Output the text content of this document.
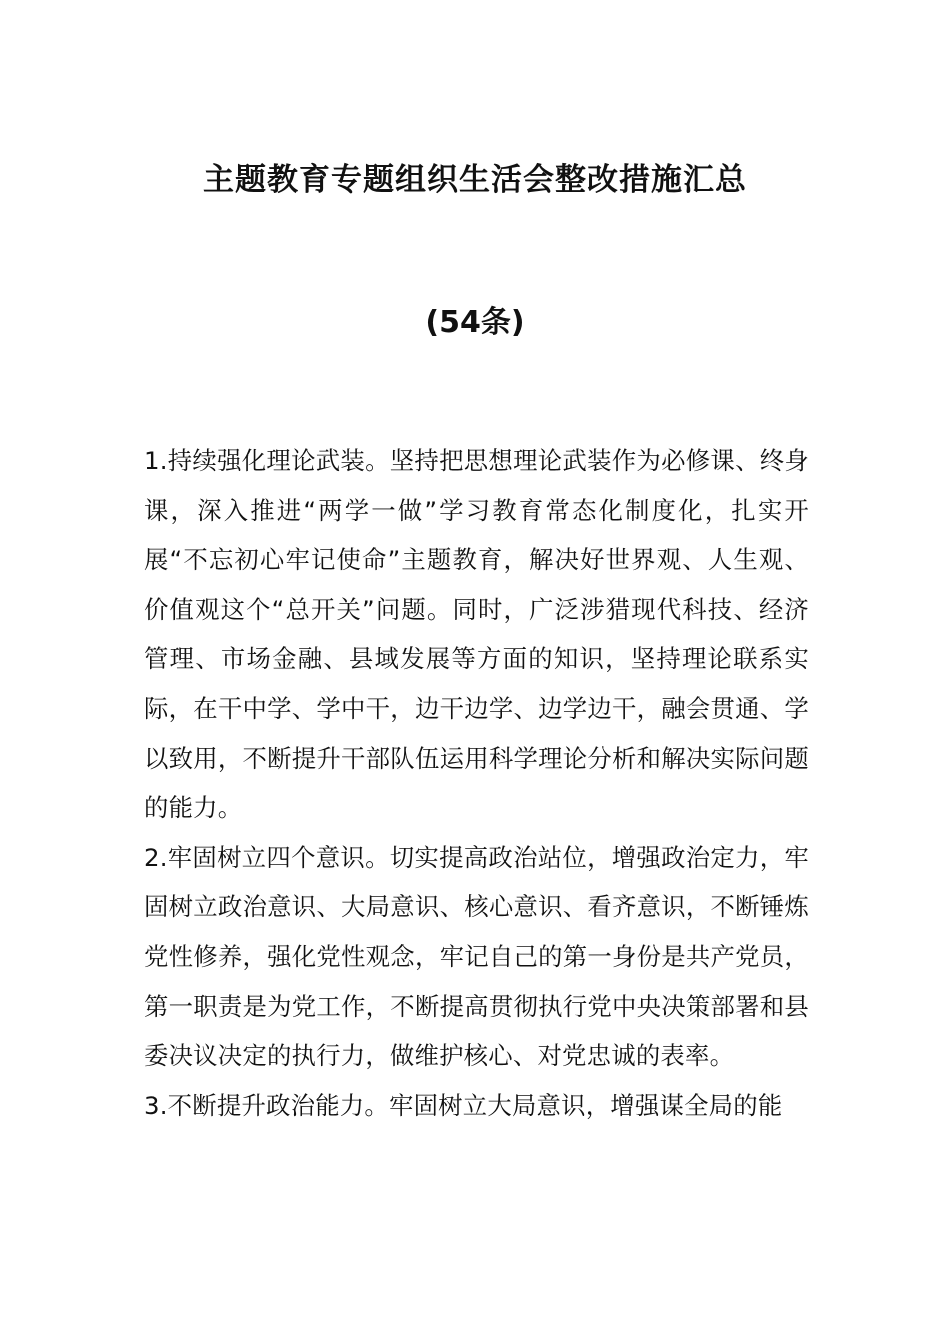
主题教育专题组织生活会整改措施汇总
(54条)

1.持续强化理论武装。坚持把思想理论武装作为必修课、终身课，深入推进“两学一做”学习教育常态化制度化，扎实开展“不忘初心牢记使命”主题教育，解决好世界观、人生观、价值观这个“总开关”问题。同时，广泛涉猎现代科技、经济管理、市场金融、县域发展等方面的知识，坚持理论联系实际，在干中学、学中干，边干边学、边学边干，融会贯通、学以致用，不断提升干部队伍运用科学理论分析和解决实际问题的能力。

2.牢固树立四个意识。切实提高政治站位，增强政治定力，牢固树立政治意识、大局意识、核心意识、看齐意识，不断锤炼党性修养，强化党性观念，牢记自己的第一身份是共产党员，第一职责是为党工作，不断提高贯彻执行党中央决策部署和县委决议决定的执行力，做维护核心、对党忠诚的表率。

3.不断提升政治能力。牢固树立大局意识，增强谋全局的能
